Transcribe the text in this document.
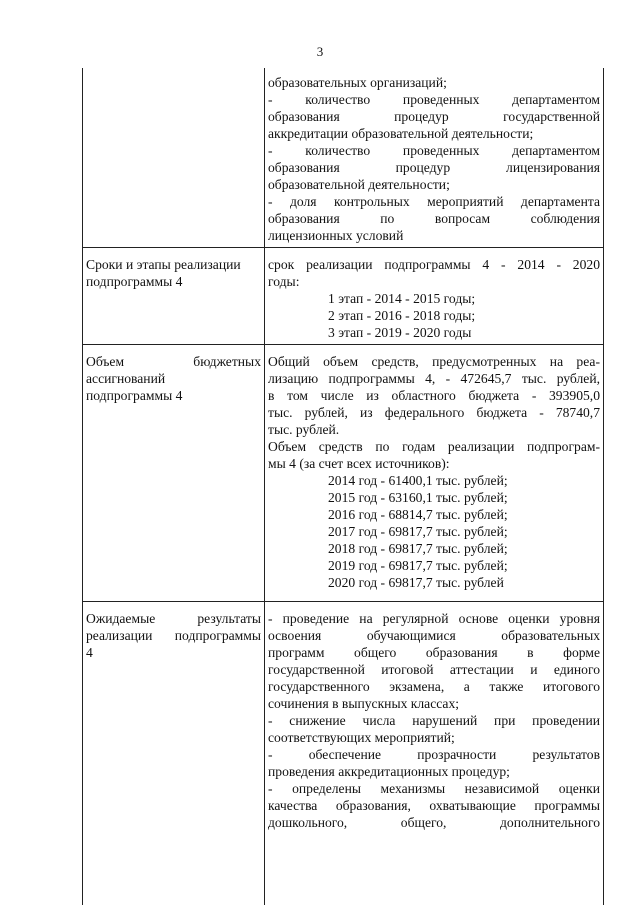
3

образовательных организаций;

- количество проведенных департаментом

образования процедур государственной

аккредитации образовательной деятельности;

- количество проведенных департаментом

образования процедур лицензирования

образовательной деятельности;

- доля контрольных мероприятий департамента

образования по вопросам соблюдения

лицензионных условий

Сроки и этапы реализации

подпрограммы 4

срок реализации подпрограммы 4 - 2014 - 2020

годы:

1 этап - 2014 - 2015 годы;

2 этап - 2016 - 2018 годы;

3 этап - 2019 - 2020 годы

Объем бюджетных

ассигнований

подпрограммы 4

Общий объем средств, предусмотренных на реа-

лизацию подпрограммы 4, - 472645,7 тыс. рублей,

в том числе из областного бюджета - 393905,0

тыс. рублей, из федерального бюджета - 78740,7

тыс. рублей.

Объем средств по годам реализации подпрограм-

мы 4 (за счет всех источников):

2014 год - 61400,1 тыс. рублей;

2015 год - 63160,1 тыс. рублей;

2016 год - 68814,7 тыс. рублей;

2017 год - 69817,7 тыс. рублей;

2018 год - 69817,7 тыс. рублей;

2019 год - 69817,7 тыс. рублей;

2020 год - 69817,7 тыс. рублей

Ожидаемые результаты

реализации подпрограммы

4

- проведение на регулярной основе оценки уровня

освоения обучающимися образовательных

программ общего образования в форме

государственной итоговой аттестации и единого

государственного экзамена, а также итогового

сочинения в выпускных классах;

- снижение числа нарушений при проведении

соответствующих мероприятий;

- обеспечение прозрачности результатов

проведения аккредитационных процедур;

- определены механизмы независимой оценки

качества образования, охватывающие программы

дошкольного, общего, дополнительного
